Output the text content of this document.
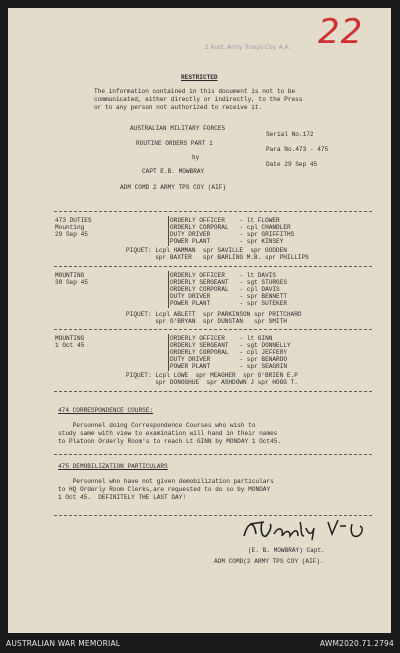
2 Aust. Army Troops Coy. A.A. 22
RESTRICTED
The information contained in this document is not to be
communicated, either directly or indirectly, to the Press
or to any person not authorized to receive it.
AUSTRALIAN MILITARY FORCES
ROUTINE ORDERS PART 1
by
CAPT E.B. MOWBRAY
ADM COMD 2 ARMY TPS COY (AIF)
Serial No.172
Para No.473 - 475
Date 29 Sep 45
473 DUTIES
Mounting
29 Sep 45
ORDERLY OFFICER    - lt FLOWER
ORDERLY CORPORAL   - cpl CHANDLER
DUTY DRIVER        - spr GRIFFITHS
POWER PLANT        - spr KINSEY
PIQUET: Lcpl HAMMAN  spr SAVILLE  spr GODDEN
spr BAXTER   spr BARLING M.B. spr PHILLIPS
MOUNTING
30 Sep 45
ORDERLY OFFICER    - lt DAVIS
ORDERLY SERGEANT   - sgt STURGES
ORDERLY CORPORAL   - cpl DAVIS
DUTY DRIVER        - spr BENNETT
POWER PLANT        - spr SUTEKER
PIQUET: Lcpl ABLETT  spr PARKINSON spr PRITCHARD
spr O'BRYAN  spr DUNSTAN   spr SMITH
MOUNTING
1 Oct 45
ORDERLY OFFICER    - lt GINN
ORDERLY SERGEANT   - sgt DONNELLY
ORDERLY CORPORAL   - cpl JEFFERY
DUTY DRIVER        - spr BENARDO
POWER PLANT        - spr SEAGRIN
PIQUET: Lcpl LOWE  spr MEAGHER  spr O'BRIEN E.P
spr DONOGHUE  spr ASHDOWN J spr HOGG T.
474 CORRESPONDENCE COURSE:
Personnel doing Correspondence Courses who wish to
study same with view to examination will hand in their names
to Platoon Orderly Room's to reach Lt GINN by MONDAY 1 Oct45.
475 DEMOBILIZATION PARTICULARS
Personnel who have not given demobilization particulars
to HQ Orderly Room Clerks,are requested to do so by MONDAY
1 Oct 45.  DEFINITELY THE LAST DAY!
(E. B. MOWBRAY) Capt.
ADM COMD(2 ARMY TPS COY (AIF).
AUSTRALIAN WAR MEMORIAL	AWM2020.71.2794
